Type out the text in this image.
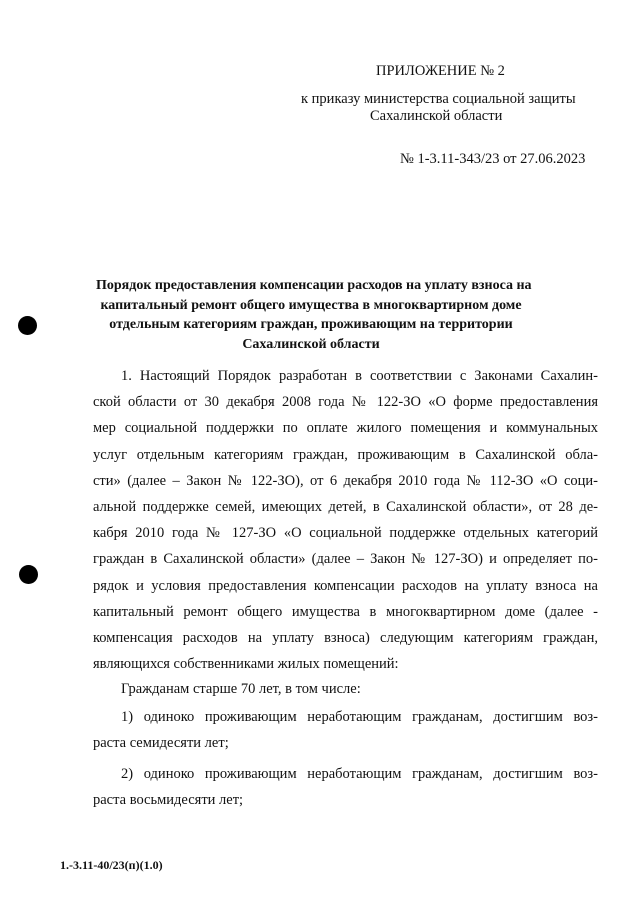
ПРИЛОЖЕНИЕ № 2
к приказу министерства социальной защиты
Сахалинской области
№ 1-3.11-343/23 от 27.06.2023
Порядок предоставления компенсации расходов на уплату взноса на
капитальный ремонт общего имущества в многоквартирном доме
отдельным категориям граждан, проживающим на территории
Сахалинской области
1. Настоящий Порядок разработан в соответствии с Законами Сахалин-
ской области от 30 декабря 2008 года № 122-ЗО «О форме предоставления
мер социальной поддержки по оплате жилого помещения и коммунальных
услуг отдельным категориям граждан, проживающим в Сахалинской обла-
сти» (далее – Закон № 122-ЗО), от 6 декабря 2010 года № 112-ЗО «О соци-
альной поддержке семей, имеющих детей, в Сахалинской области», от 28 де-
кабря 2010 года № 127-ЗО «О социальной поддержке отдельных категорий
граждан в Сахалинской области» (далее – Закон № 127-ЗО) и определяет по-
рядок и условия предоставления компенсации расходов на уплату взноса на
капитальный ремонт общего имущества в многоквартирном доме (далее -
компенсация расходов на уплату взноса) следующим категориям граждан,
являющихся собственниками жилых помещений:
Гражданам старше 70 лет, в том числе:
1) одиноко проживающим неработающим гражданам, достигшим воз-
раста семидесяти лет;
2) одиноко проживающим неработающим гражданам, достигшим воз-
раста восьмидесяти лет;
1.-3.11-40/23(п)(1.0)
